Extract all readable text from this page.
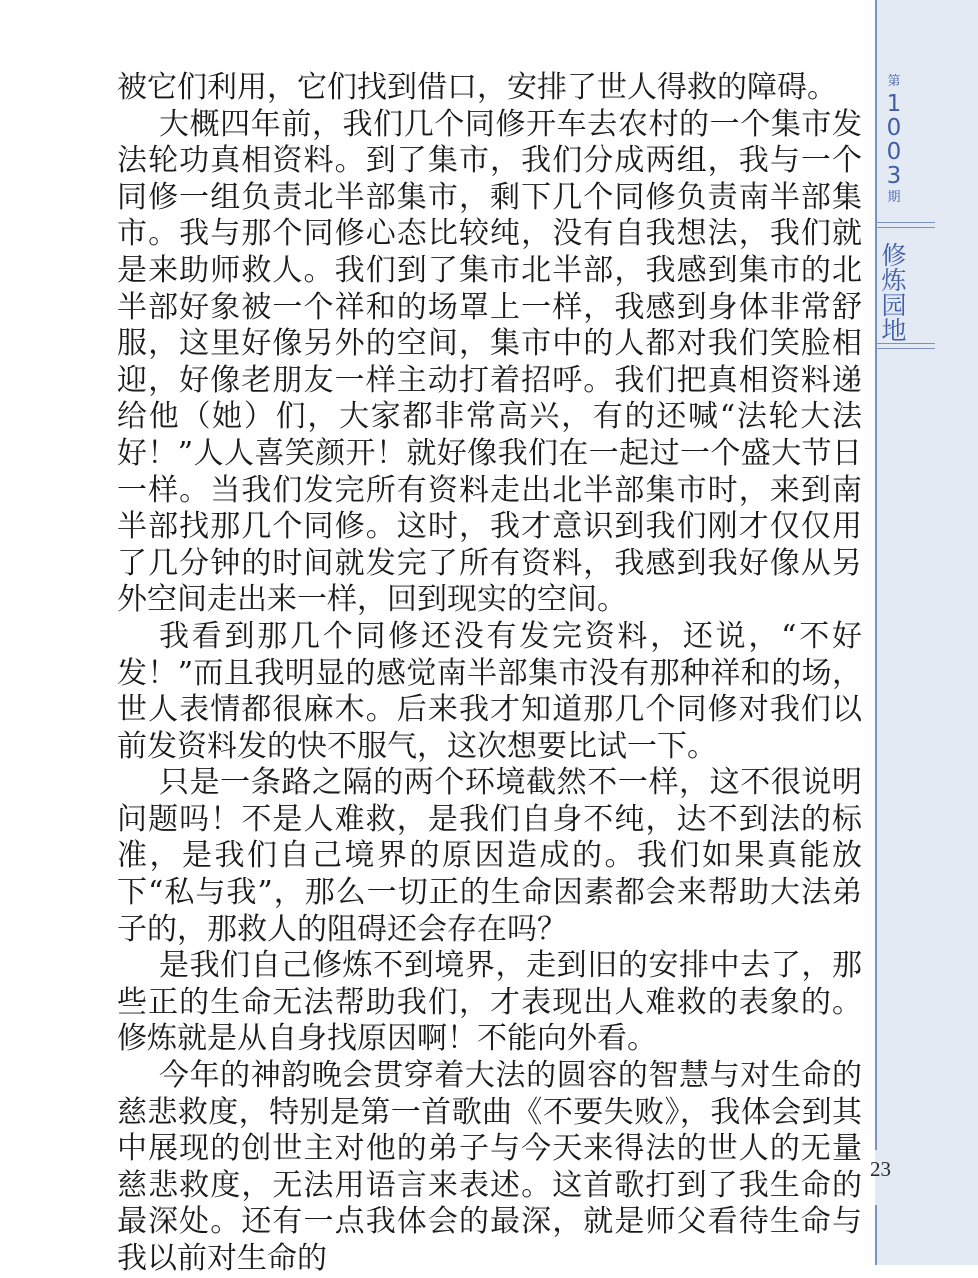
第
1
0
0
3
期
修
炼
园
地

被它们利用，它们找到借口，安排了世人得救的障碍。

大概四年前，我们几个同修开车去农村的一个集市发法轮功真相资料。到了集市，我们分成两组，我与一个同修一组负责北半部集市，剩下几个同修负责南半部集市。我与那个同修心态比较纯，没有自我想法，我们就是来助师救人。我们到了集市北半部，我感到集市的北半部好象被一个祥和的场罩上一样，我感到身体非常舒服，这里好像另外的空间，集市中的人都对我们笑脸相迎，好像老朋友一样主动打着招呼。我们把真相资料递给他（她）们，大家都非常高兴，有的还喊“法轮大法好！”人人喜笑颜开！就好像我们在一起过一个盛大节日一样。当我们发完所有资料走出北半部集市时，来到南半部找那几个同修。这时，我才意识到我们刚才仅仅用了几分钟的时间就发完了所有资料，我感到我好像从另外空间走出来一样，回到现实的空间。

我看到那几个同修还没有发完资料，还说，“不好发！”而且我明显的感觉南半部集市没有那种祥和的场，世人表情都很麻木。后来我才知道那几个同修对我们以前发资料发的快不服气，这次想要比试一下。

只是一条路之隔的两个环境截然不一样，这不很说明问题吗！不是人难救，是我们自身不纯，达不到法的标准，是我们自己境界的原因造成的。我们如果真能放下“私与我”，那么一切正的生命因素都会来帮助大法弟子的，那救人的阻碍还会存在吗？

是我们自己修炼不到境界，走到旧的安排中去了，那些正的生命无法帮助我们，才表现出人难救的表象的。修炼就是从自身找原因啊！不能向外看。

今年的神韵晚会贯穿着大法的圆容的智慧与对生命的慈悲救度，特别是第一首歌曲《不要失败》，我体会到其中展现的创世主对他的弟子与今天来得法的世人的无量慈悲救度，无法用语言来表述。这首歌打到了我生命的最深处。还有一点我体会的最深，就是师父看待生命与我以前对生命的

23
